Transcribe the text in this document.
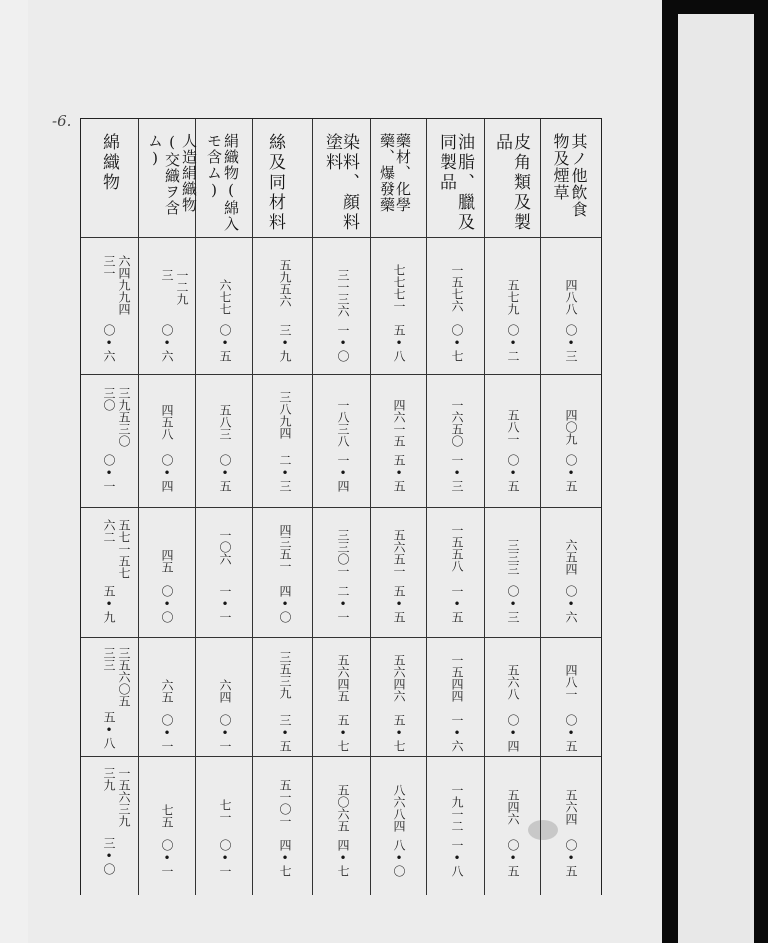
-6.
綿織物
六四九九四三一
〇•六
三九五三〇三〇
〇•一
五七一五七六二
五•九
三五六〇五三三
五•八
一五六三九三九
三•〇
人造絹織物(交織ヲ含ム)
一二九三
〇•六
四五八
〇•四
四五
〇•〇
六五
〇•一
七五
〇•一
絹織物(綿入モ含ム)
六七七
〇•五
五八三
〇•五
一〇六
一•一
六四
〇•一
七一
〇•一
絲及同材料
五九五六
三•九
三八九四
二•三
四三五一
四•〇
三五三九
三•五
五一〇一
四•七
染料、顔料塗料
三一三六
一•〇
一八三八
一•四
三三〇一
二•一
五六四五
五•七
五〇六五
四•七
藥材、化學藥、爆發藥
七七七一
五•八
四六一五
五•五
五六五一
五•五
五六四六
五•七
八六八四
八•〇
油脂、臘及同製品
一五七六
〇•七
一六五〇
一•三
一五五八
一•五
一五四四
一•六
一九一二
一•八
皮角類及製品
五七九
〇•二
五八一
〇•五
三三三
〇•三
五六八
〇•四
五四六
〇•五
其ノ他飲食物及煙草
四八八
〇•三
四〇九
〇•五
六五四
〇•六
四八一
〇•五
五六四
〇•五
